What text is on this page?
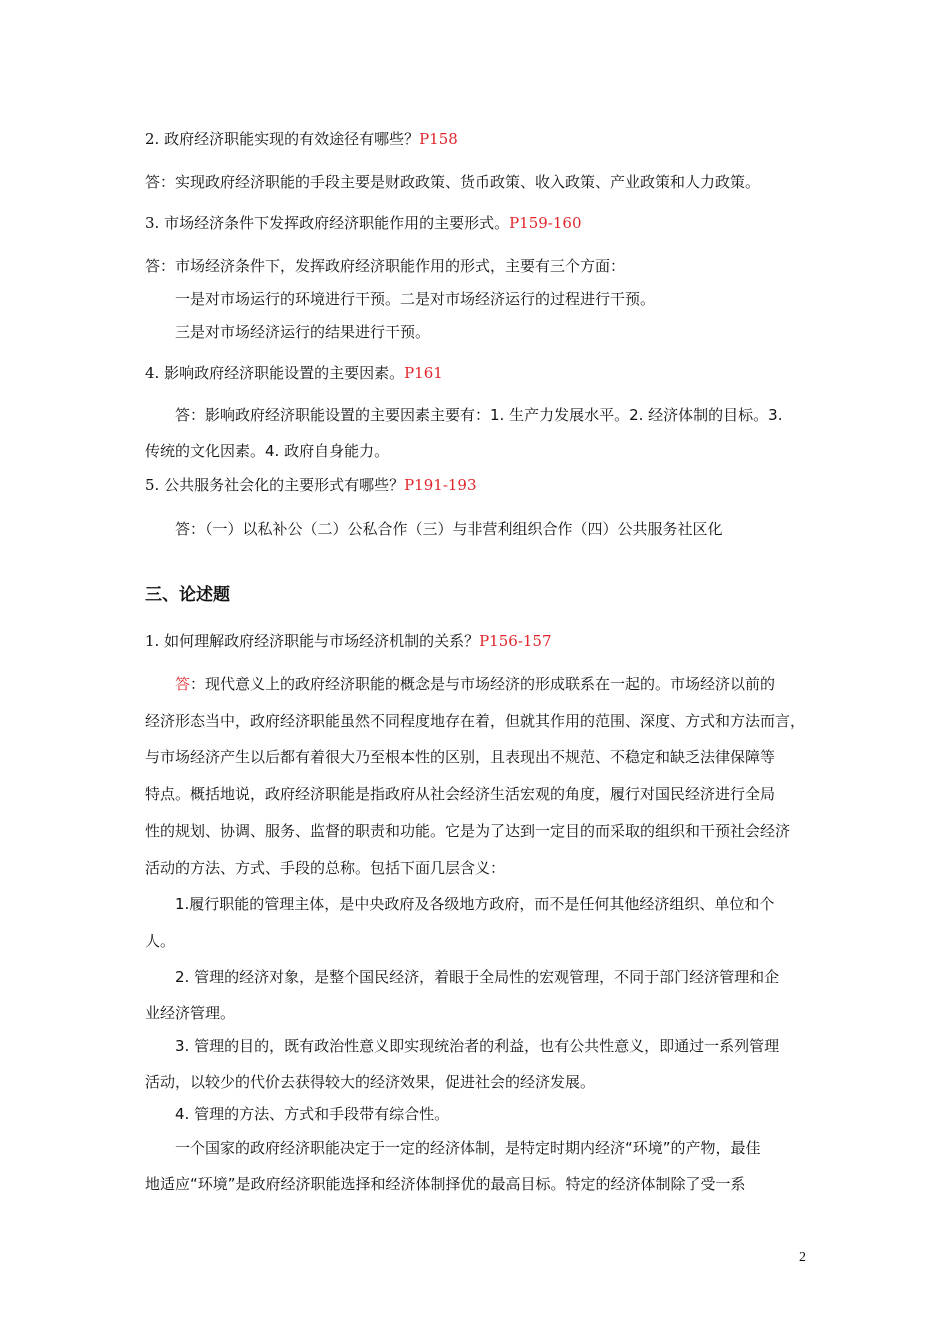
2. 政府经济职能实现的有效途径有哪些？P158
答：实现政府经济职能的手段主要是财政政策、货币政策、收入政策、产业政策和人力政策。
3. 市场经济条件下发挥政府经济职能作用的主要形式。P159-160
答：市场经济条件下，发挥政府经济职能作用的形式，主要有三个方面：
一是对市场运行的环境进行干预。二是对市场经济运行的过程进行干预。
三是对市场经济运行的结果进行干预。
4. 影响政府经济职能设置的主要因素。P161
答：影响政府经济职能设置的主要因素主要有：1. 生产力发展水平。2. 经济体制的目标。3.
传统的文化因素。4. 政府自身能力。
5. 公共服务社会化的主要形式有哪些？P191-193
答：（一）以私补公（二）公私合作（三）与非营利组织合作（四）公共服务社区化
三、论述题
1. 如何理解政府经济职能与市场经济机制的关系？P156-157
答：现代意义上的政府经济职能的概念是与市场经济的形成联系在一起的。市场经济以前的
经济形态当中，政府经济职能虽然不同程度地存在着，但就其作用的范围、深度、方式和方法而言，
与市场经济产生以后都有着很大乃至根本性的区别，且表现出不规范、不稳定和缺乏法律保障等
特点。概括地说，政府经济职能是指政府从社会经济生活宏观的角度，履行对国民经济进行全局
性的规划、协调、服务、监督的职责和功能。它是为了达到一定目的而采取的组织和干预社会经济
活动的方法、方式、手段的总称。包括下面几层含义：
1.履行职能的管理主体，是中央政府及各级地方政府，而不是任何其他经济组织、单位和个
人。
2. 管理的经济对象，是整个国民经济，着眼于全局性的宏观管理，不同于部门经济管理和企
业经济管理。
3. 管理的目的，既有政治性意义即实现统治者的利益，也有公共性意义，即通过一系列管理
活动，以较少的代价去获得较大的经济效果，促进社会的经济发展。
4. 管理的方法、方式和手段带有综合性。
一个国家的政府经济职能决定于一定的经济体制，是特定时期内经济“环境”的产物，最佳
地适应“环境”是政府经济职能选择和经济体制择优的最高目标。特定的经济体制除了受一系
2
